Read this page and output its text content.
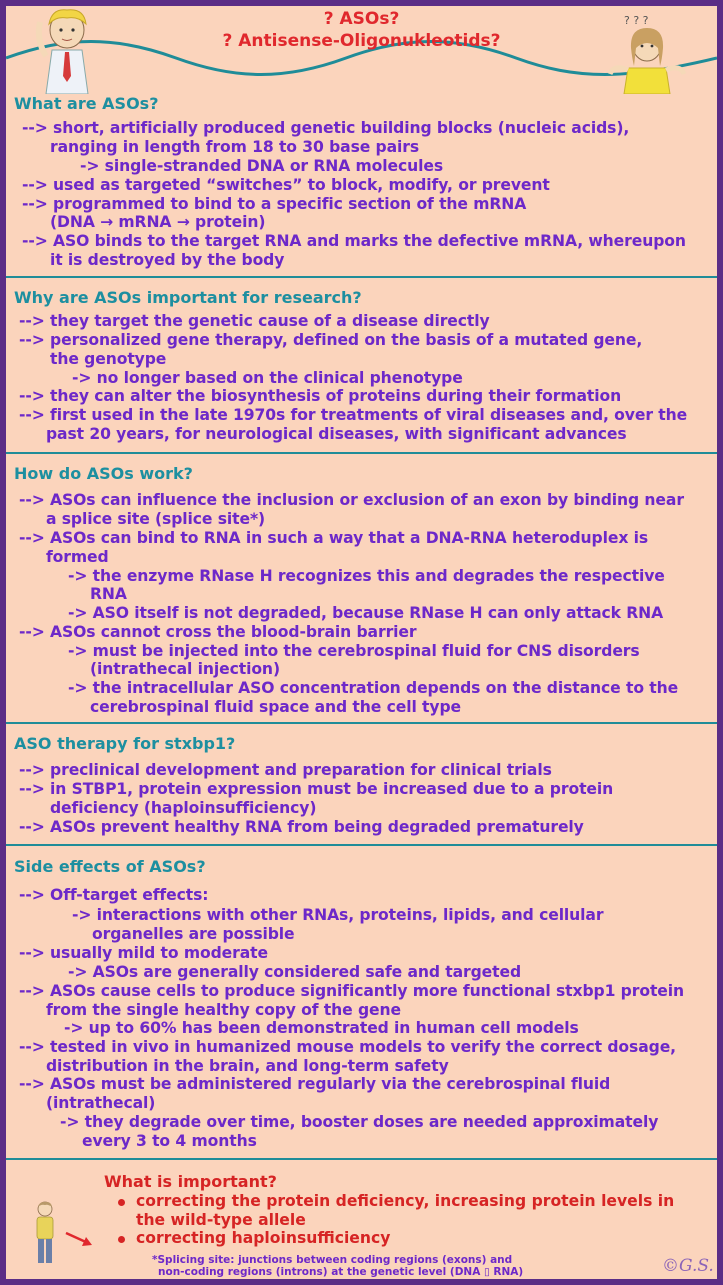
? ASOs?
? Antisense-Oligonukleotids?
? ? ?
What are ASOs?
--> short, artificially produced genetic building blocks (nucleic acids),
ranging in length from 18 to 30 base pairs
-> single-stranded DNA or RNA molecules
--> used as targeted “switches” to block, modify, or prevent
--> programmed to bind to a specific section of the mRNA
(DNA → mRNA → protein)
--> ASO binds to the target RNA and marks the defective mRNA, whereupon
it is destroyed by the body
Why are ASOs important for research?
--> they target the genetic cause of a disease directly
--> personalized gene therapy, defined on the basis of a mutated gene,
the genotype
-> no longer based on the clinical phenotype
--> they can alter the biosynthesis of proteins during their formation
--> first used in the late 1970s for treatments of viral diseases and, over the
past 20 years, for neurological diseases, with significant advances
How do ASOs work?
--> ASOs can influence the inclusion or exclusion of an exon by binding near
a splice site (splice site*)
--> ASOs can bind to RNA in such a way that a DNA-RNA heteroduplex is
formed
-> the enzyme RNase H recognizes this and degrades the respective
RNA
-> ASO itself is not degraded, because RNase H can only attack RNA
--> ASOs cannot cross the blood-brain barrier
-> must be injected into the cerebrospinal fluid for CNS disorders
(intrathecal injection)
-> the intracellular ASO concentration depends on the distance to the
cerebrospinal fluid space and the cell type
ASO therapy for stxbp1?
--> preclinical development and preparation for clinical trials
--> in STBP1, protein expression must be increased due to a protein
deficiency (haploinsufficiency)
--> ASOs prevent healthy RNA from being degraded prematurely
Side effects of ASOs?
--> Off-target effects:
-> interactions with other RNAs, proteins, lipids, and cellular
organelles are possible
--> usually mild to moderate
-> ASOs are generally considered safe and targeted
--> ASOs cause cells to produce significantly more functional stxbp1 protein
from the single healthy copy of the gene
-> up to 60% has been demonstrated in human cell models
--> tested in vivo in humanized mouse models to verify the correct dosage,
distribution in the brain, and long-term safety
--> ASOs must be administered regularly via the cerebrospinal fluid
(intrathecal)
-> they degrade over time, booster doses are needed approximately
every 3 to 4 months
What is important?
correcting the protein deficiency, increasing protein levels in
the wild-type allele
correcting haploinsufficiency
*Splicing site: junctions between coding regions (exons) and
non-coding regions (introns) at the genetic level (DNA ▯ RNA)	©G.S.
